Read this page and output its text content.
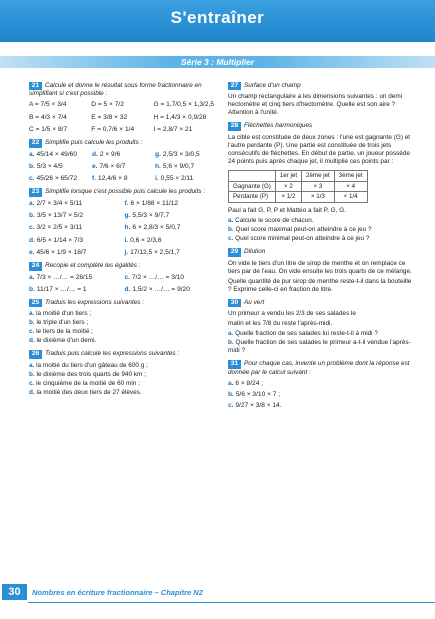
S'entraîner
Série 3 : Multiplier
21 Calcule et donne le résultat sous forme fractionnaire en simplifiant si c'est possible :
A = 7/5 × 3/4	D = 5 × 7/2	G = 1,7/0,5 × 1,3/2,5
B = 4/3 × 7/4	E = 3/8 × 32	H = 1,4/3 × 0,9/28
C = 1/5 × 8/7	F = 0,7/6 × 1/4	I = 2,8/7 × 21
22 Simplifie puis calcule les produits :
a. 45/14 × 49/60	d. 2 × 9/6	g. 2,5/3 × 3/0,5
b. 5/3 × 4/5	e. 7/6 × 6/7	h. 5,6 × 9/0,7
c. 45/26 × 65/72	f. 12,4/6 × 8	i. 0,55 × 2/11
23 Simplifie lorsque c'est possible puis calcule les produits :
a. 2/7 × 3/4 × 5/11	f. 6 × 1/88 × 11/12
b. 3/5 × 13/7 × 5/2	g. 5,5/3 × 9/7,7
c. 3/2 × 2/5 × 3/11	h. 6 × 2,8/3 × 5/0,7
d. 6/5 × 1/14 × 7/3	i. 0,6 × 2/3,6
e. 45/6 × 1/9 × 18/7	j. 17/12,5 × 2,5/1,7
24 Recopie et complète les égalités :
a. 7/3 × …/… = 28/15	c. 7/2 × …/… = 3/10
b. 11/17 × …/… = 1	d. 1,5/2 × …/… = 9/20
25 Traduis les expressions suivantes :
a. la moitié d'un tiers ;
b. le triple d'un tiers ;
c. le tiers de la moitié ;
d. le dixième d'un demi.
26 Traduis puis calcule les expressions suivantes :
a. la moitié du tiers d'un gâteau de 600 g ;
b. le dixième des trois quarts de 940 km ;
c. le cinquième de la moitié de 60 min ;
d. la moitié des deux tiers de 27 élèves.
27 Surface d'un champ
Un champ rectangulaire a les dimensions suivantes : un demi hectomètre et cinq tiers d'hectomètre. Quelle est son aire ? Attention à l'unité.
28 Fléchettes harmoniques
La cible est constituée de deux zones : l'une est gagnante (G) et l'autre perdante (P). Une partie est constituée de trois jets consécutifs de fléchettes. En début de partie, un joueur possède 24 points puis après chaque jet, il multiplie ces points par :
	1er jet	2ème jet	3ème jet
Gagnante (G)	× 2	× 3	× 4
Perdante (P)	× 1/2	× 1/3	× 1/4
Paul a fait G, P, P et Mattéo a fait P, G, G.
a. Calcule le score de chacun.
b. Quel score maximal peut-on atteindre à ce jeu ?
c. Quel score minimal peut-on atteindre à ce jeu ?
29 Dilution
On vide le tiers d'un litre de sirop de menthe et on remplace ce tiers par de l'eau. On vide ensuite les trois quarts de ce mélange.
Quelle quantité de pur sirop de menthe reste-t-il dans la bouteille ? Exprime celle-ci en fraction de litre.
30 Au vert
Un primeur a vendu les 2/3 de ses salades le
matin et les 7/8 du reste l'après-midi.
a. Quelle fraction de ses salades lui reste-t-il à midi ?
b. Quelle fraction de ses salades le primeur a-t-il vendue l'après-midi ?
31 Pour chaque cas, invente un problème dont la réponse est donnée par le calcul suivant :
a. 6 × 8/24 ;
b. 5/6 × 3/10 × 7 ;
c. 9/27 × 3/8 × 14.
30	Nombres en écriture fractionnaire – Chapitre N2
